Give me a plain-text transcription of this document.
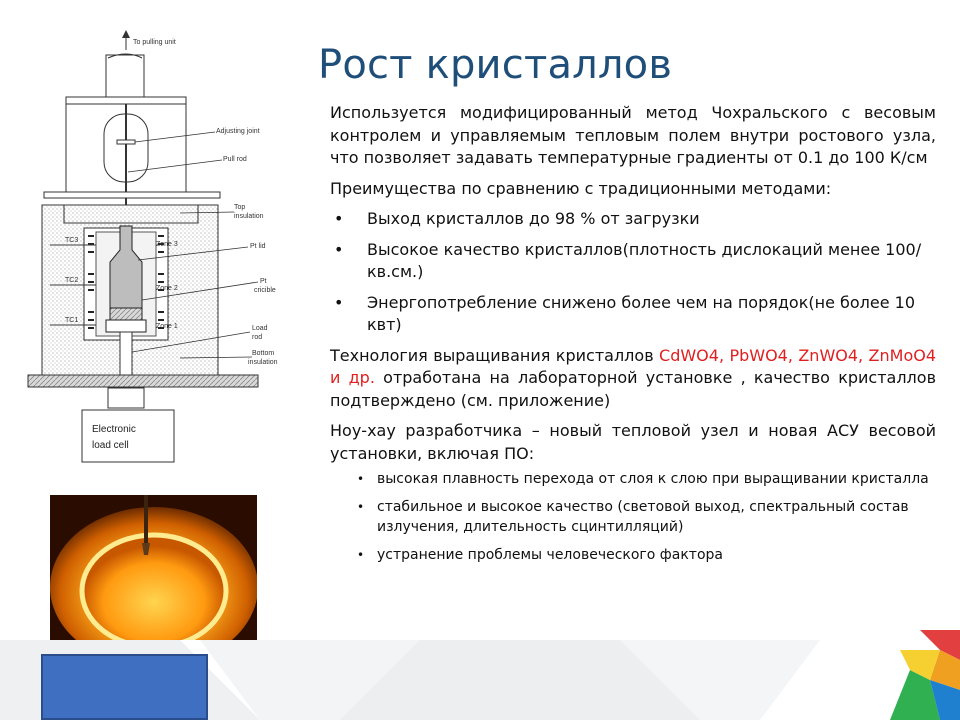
Рост кристаллов

Используется модифицированный метод Чохральского с весовым контролем и управляемым тепловым полем внутри ростового узла, что позволяет задавать температурные градиенты от 0.1 до 100 К/см

Преимущества по сравнению с традиционными методами:

• Выход кристаллов до 98 % от загрузки
• Высокое качество кристаллов(плотность дислокаций менее 100/кв.см.)
• Энергопотребление снижено более чем на порядок(не более 10 квт)

Технология выращивания кристаллов CdWO4, PbWO4, ZnWO4, ZnMoO4 и др. отработана на лабораторной установке , качество кристаллов подтверждено (см. приложение)

Ноу-хау разработчика – новый тепловой узел и новая АСУ весовой установки, включая ПО:

• высокая плавность перехода от слоя к слою при выращивании кристалла
• стабильное и высокое качество (световой выход, спектральный состав излучения, длительность сцинтилляций)
• устранение проблемы человеческого фактора
To pulling unit
Adjusting joint
Pull rod
Top
insulation
Zone 3
Zone 2
Zone 1
TC3
TC2
TC1
Pt lid
Pt
cricible
Load
rod
Bottom
insulation
Electronic
load cell
